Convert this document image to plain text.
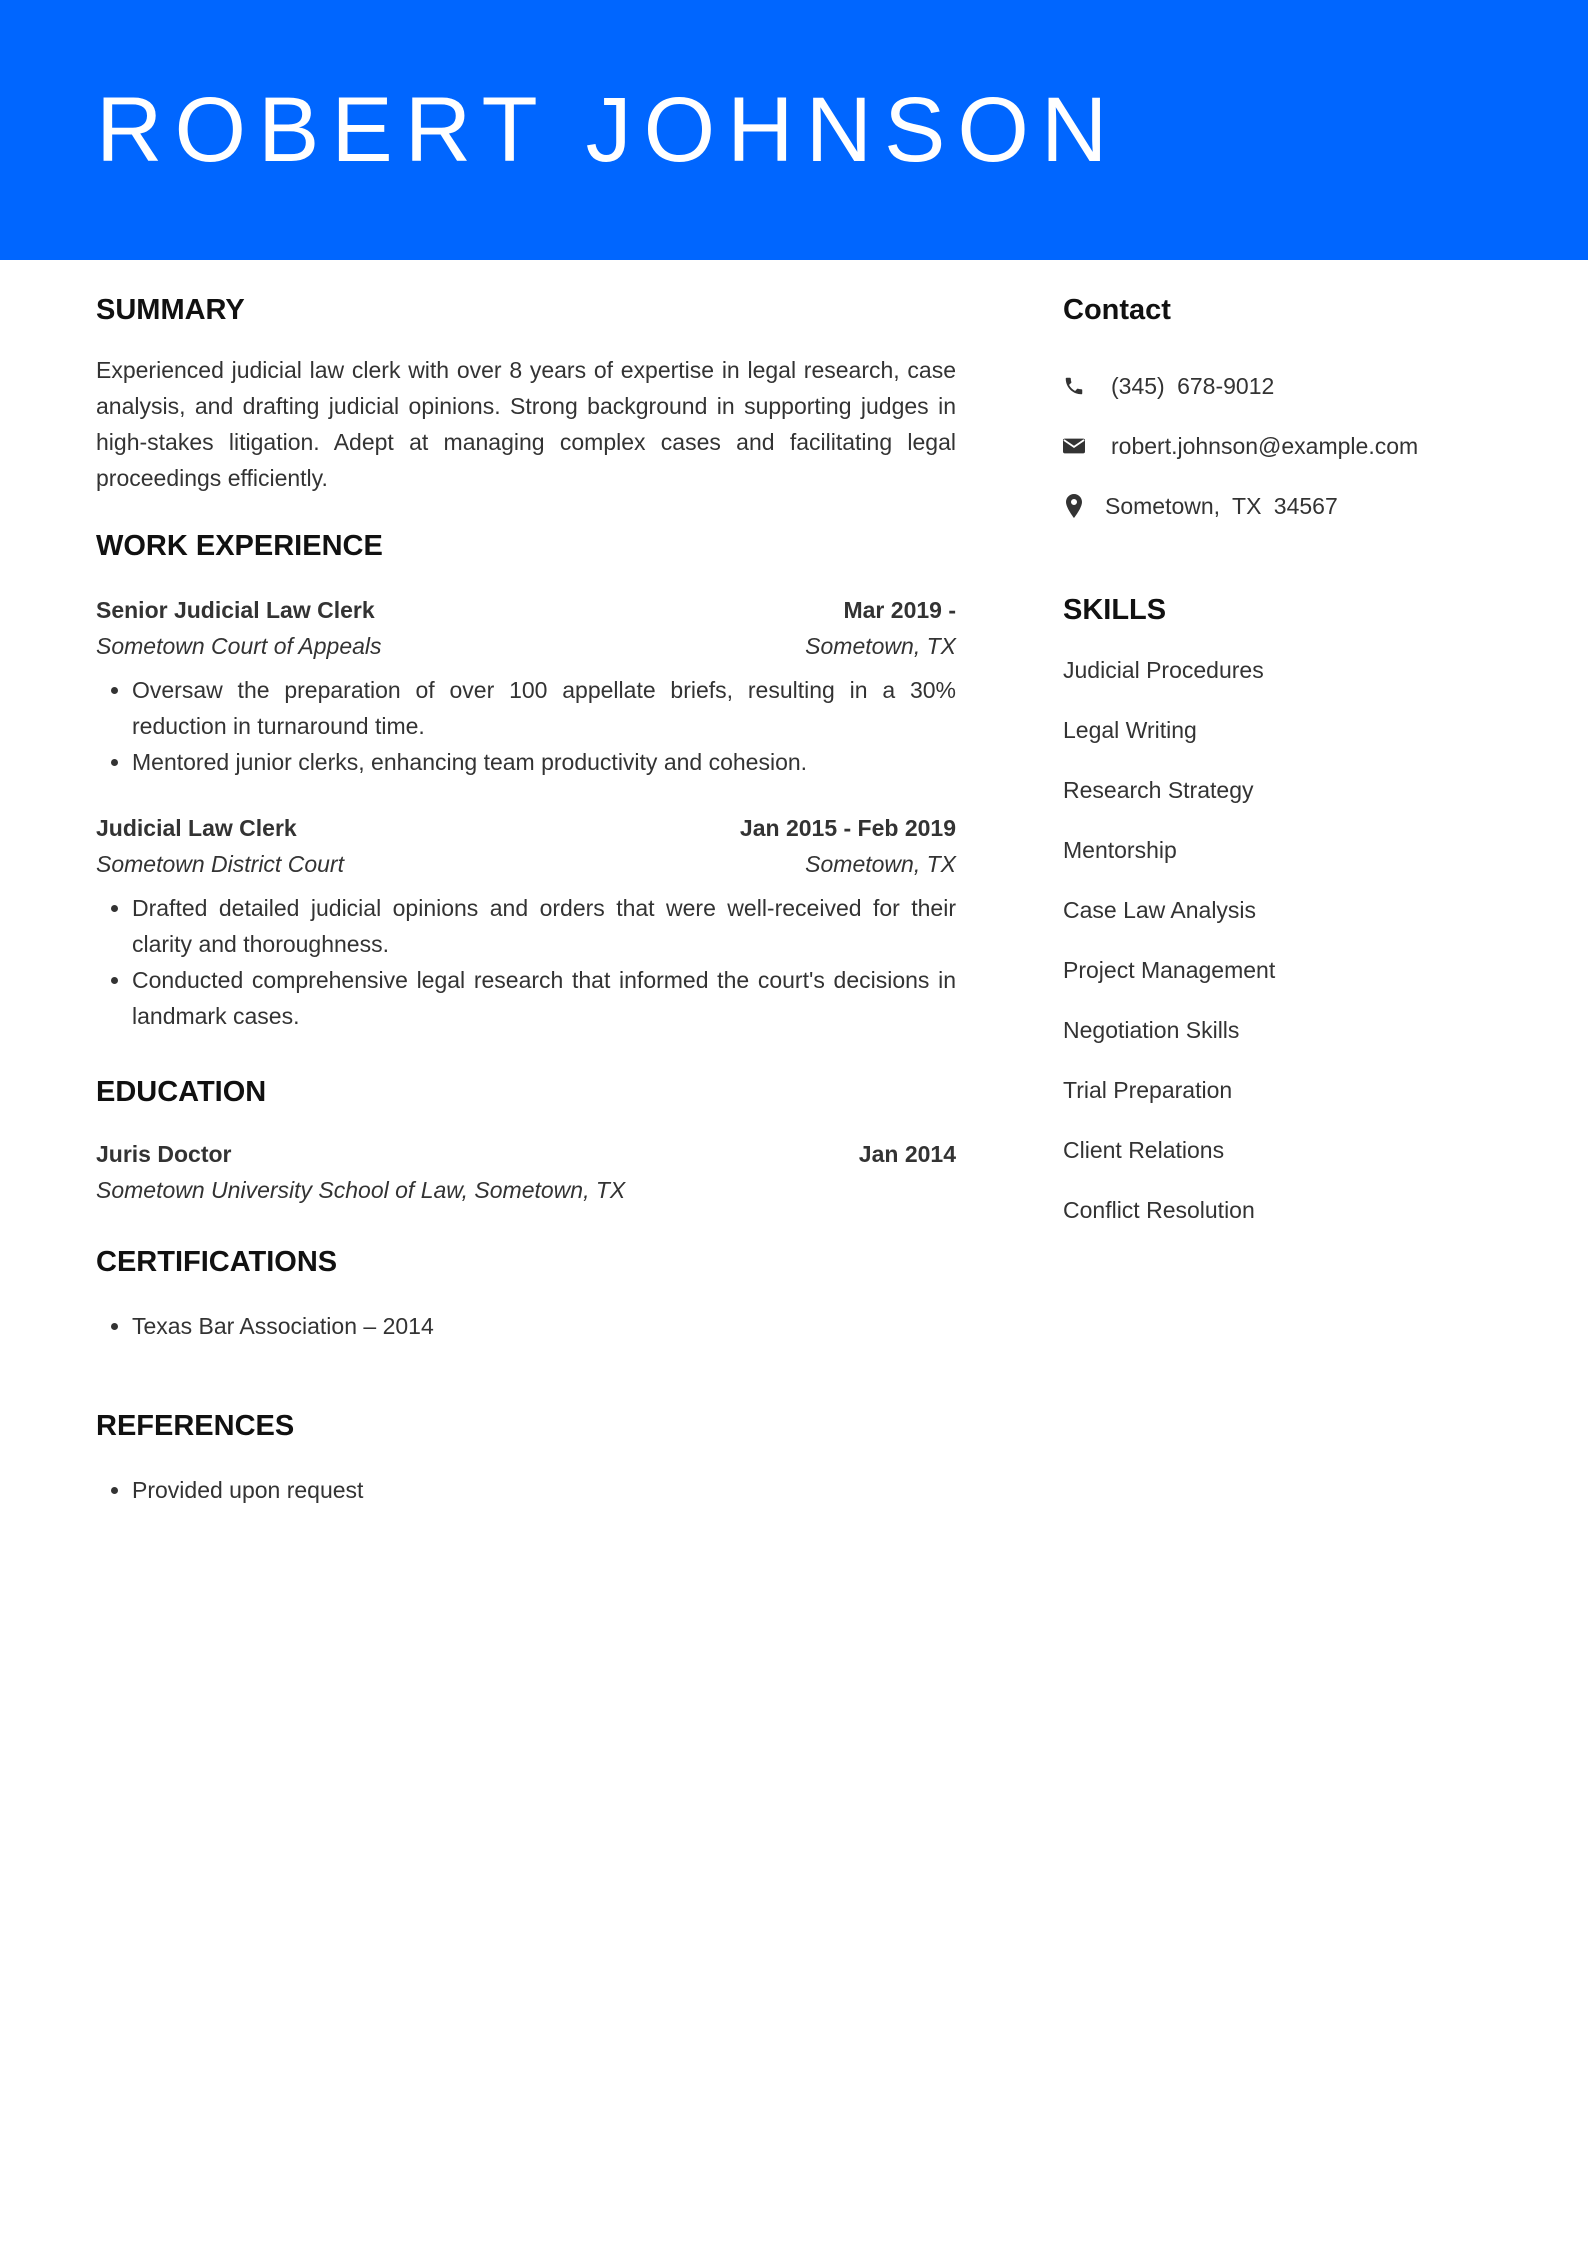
ROBERT JOHNSON
SUMMARY

Experienced judicial law clerk with over 8 years of expertise in legal research, case analysis, and drafting judicial opinions. Strong background in supporting judges in high-stakes litigation. Adept at managing complex cases and facilitating legal proceedings efficiently.

WORK EXPERIENCE
Senior Judicial Law Clerk	Mar 2019 -
Sometown Court of Appeals	Sometown, TX
• Oversaw the preparation of over 100 appellate briefs, resulting in a 30% reduction in turnaround time.
• Mentored junior clerks, enhancing team productivity and cohesion.
Judicial Law Clerk	Jan 2015 - Feb 2019
Sometown District Court	Sometown, TX
• Drafted detailed judicial opinions and orders that were well-received for their clarity and thoroughness.
• Conducted comprehensive legal research that informed the court's decisions in landmark cases.
EDUCATION
Juris Doctor	Jan 2014
Sometown University School of Law, Sometown, TX
CERTIFICATIONS
• Texas Bar Association – 2014
REFERENCES
• Provided upon request
Contact
(345) 678-9012
robert.johnson@example.com
Sometown, TX 34567
SKILLS
Judicial Procedures
Legal Writing
Research Strategy
Mentorship
Case Law Analysis
Project Management
Negotiation Skills
Trial Preparation
Client Relations
Conflict Resolution
